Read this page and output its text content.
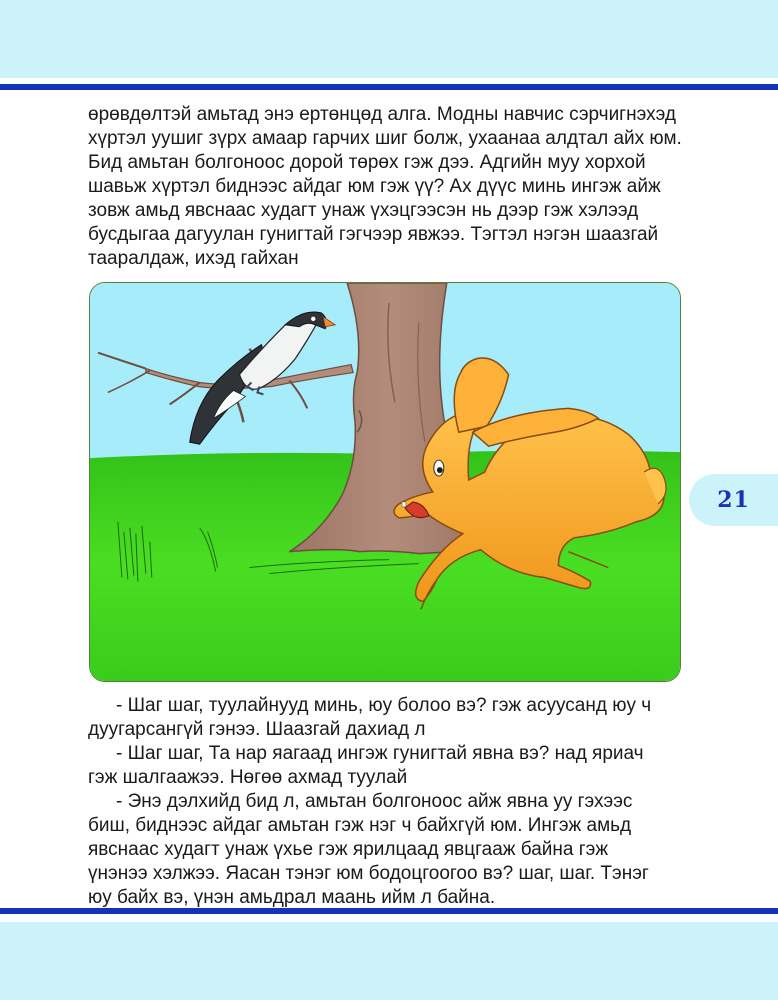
өрөвдөлтэй амьтад энэ ертөнцөд алга. Модны навчис сэрчигнэхэд

хүртэл уушиг зүрх амаар гарчих шиг болж, ухаанаа алдтал айх юм.

Бид амьтан болгоноос дорой төрөх гэж дээ. Адгийн муу хорхой

шавьж хүртэл биднээс айдаг юм гэж үү? Ах дүүс минь ингэж айж

зовж амьд явснаас худагт унаж үхэцгээсэн нь дээр гэж хэлээд

бусдыгаа дагуулан гунигтай гэгчээр явжээ. Тэгтэл нэгэн шаазгай

тааралдаж, ихэд гайхан

21

- Шаг шаг, туулайнууд минь, юу болоо вэ? гэж асуусанд юу ч

дуугарсангүй гэнээ. Шаазгай дахиад л

- Шаг шаг, Та нар яагаад ингэж гунигтай явна вэ? над яриач

гэж шалгаажээ. Нөгөө ахмад туулай

- Энэ дэлхийд бид л, амьтан болгоноос айж явна уу гэхээс

биш, биднээс айдаг амьтан гэж нэг ч байхгүй юм. Ингэж амьд

явснаас худагт унаж үхье гэж ярилцаад явцгааж байна гэж

үнэнээ хэлжээ. Яасан тэнэг юм бодоцгоогоо вэ? шаг, шаг. Тэнэг

юу байх вэ, үнэн амьдрал маань ийм л байна.
